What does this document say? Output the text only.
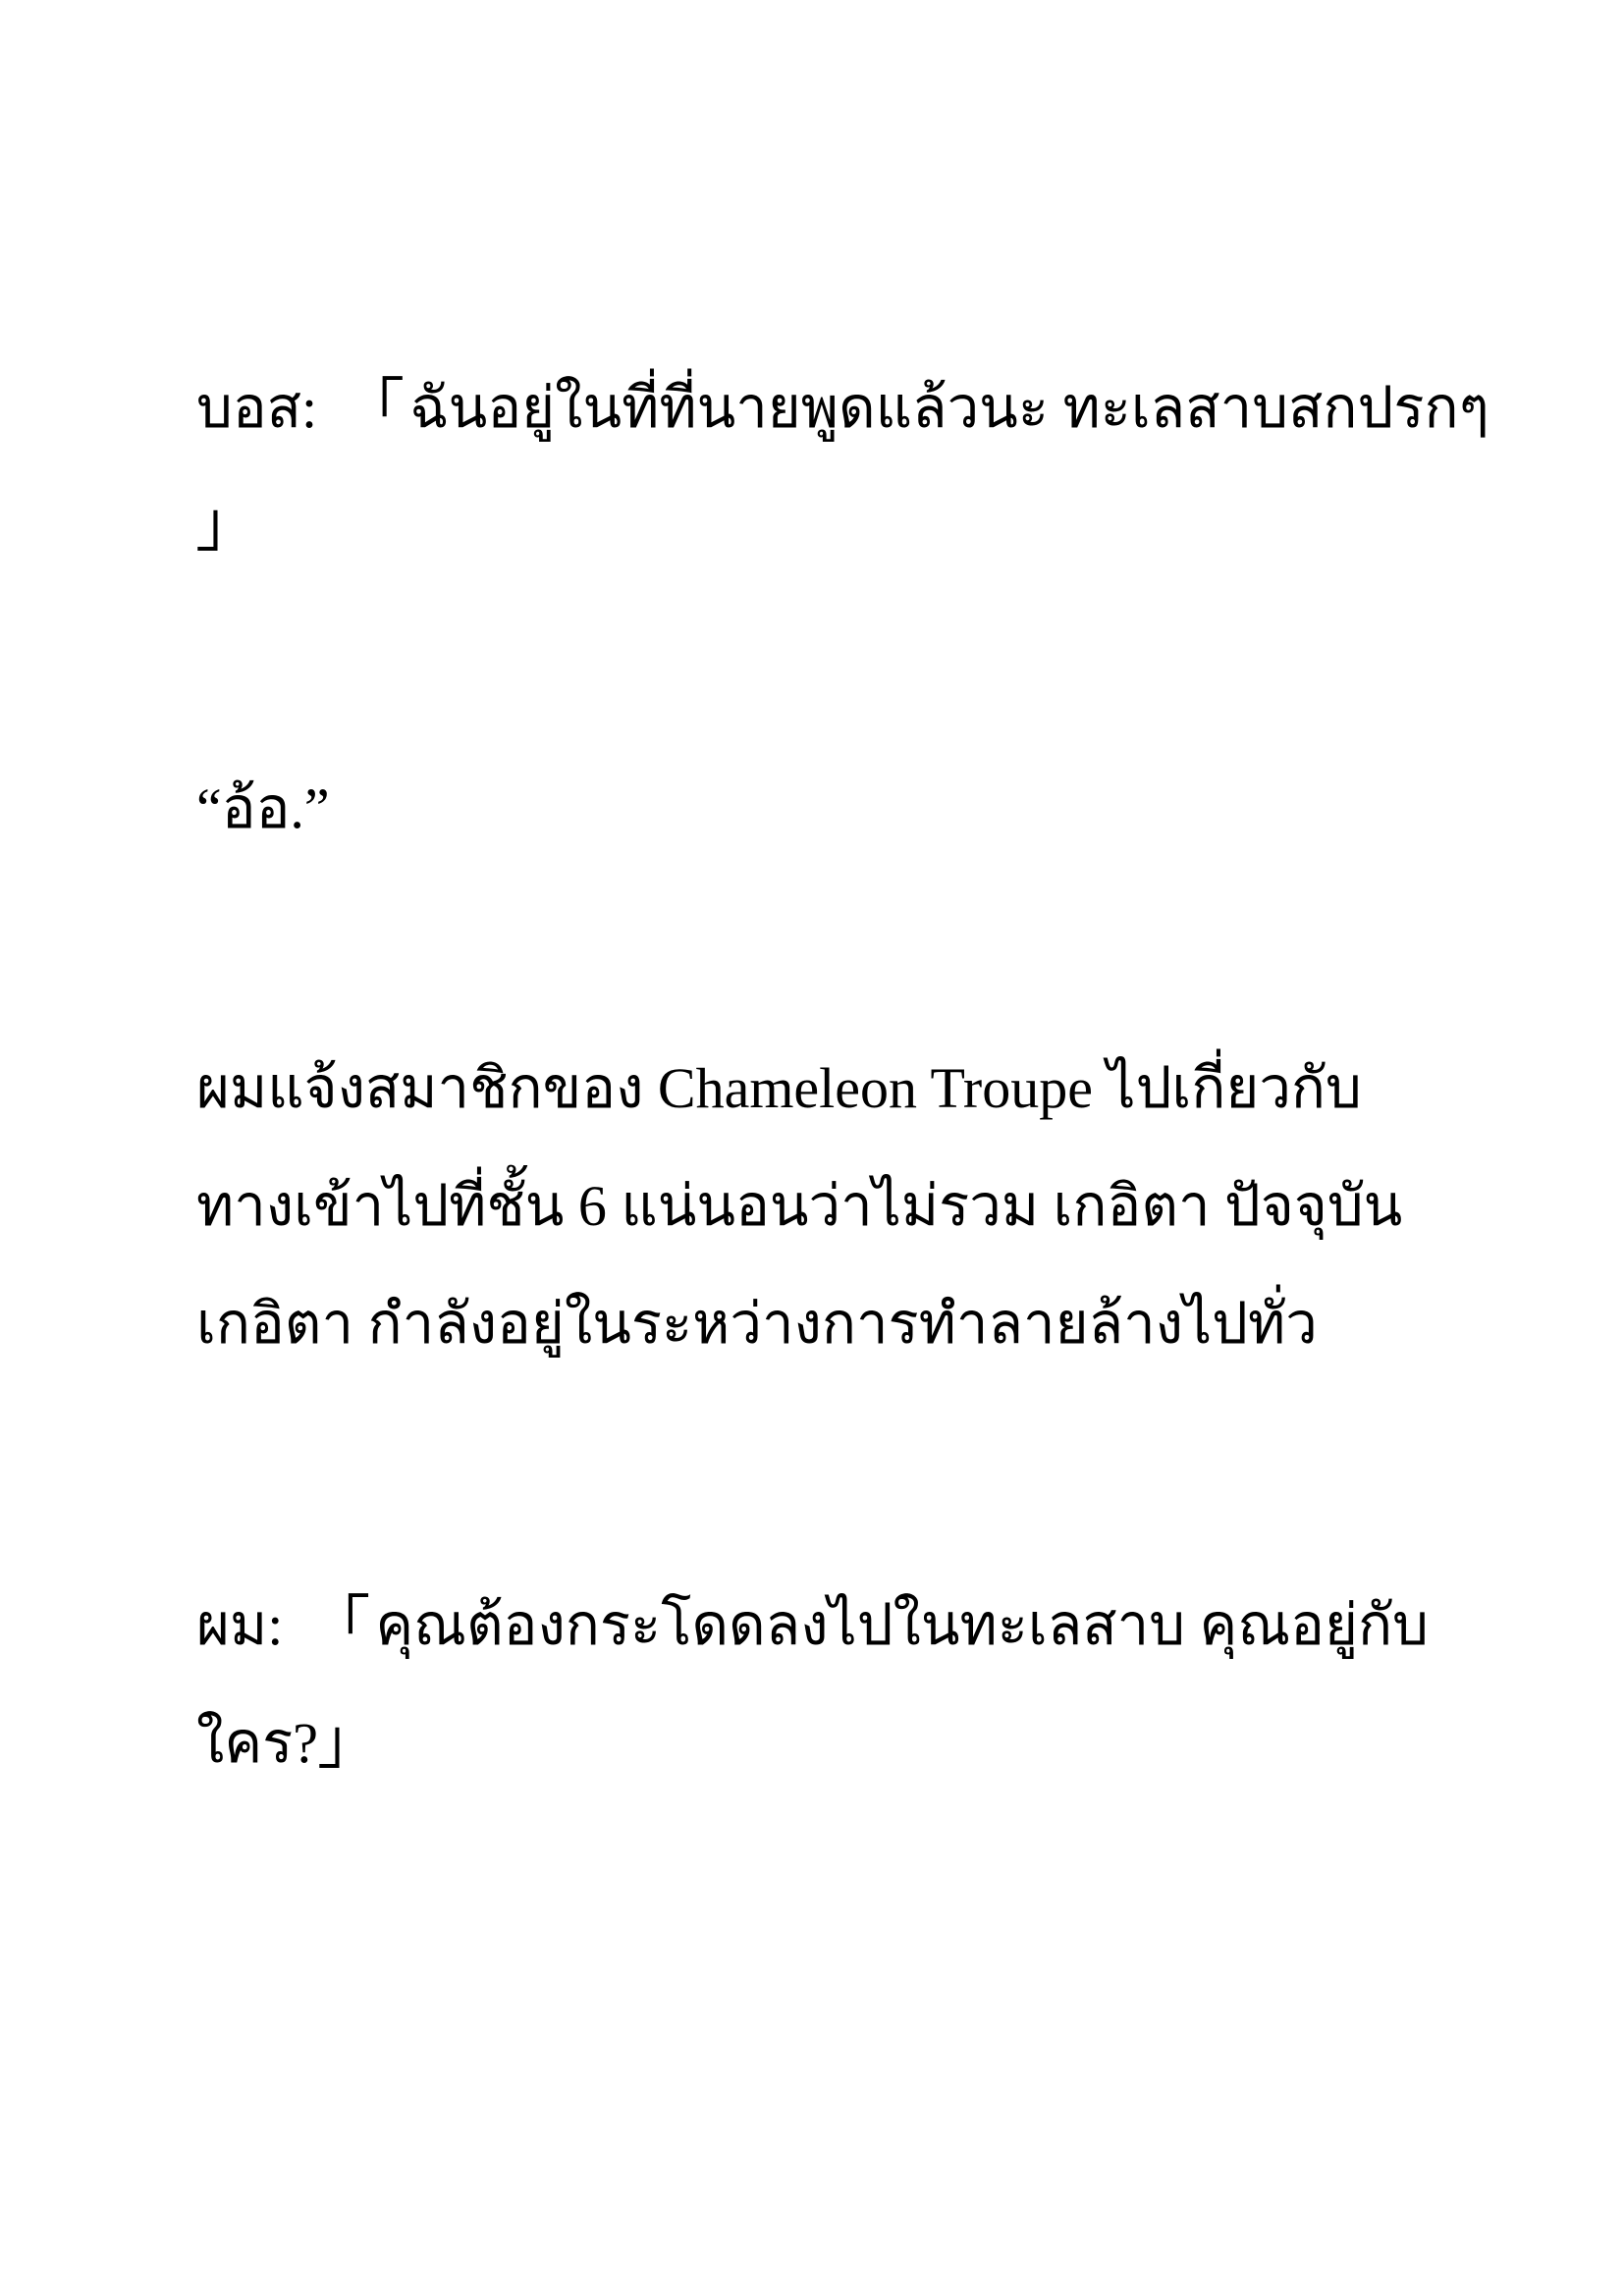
บอส: 「 ฉันอยู่ในที่ที่นายพูดแล้วนะ ทะเลสาบสกปรกๆ
」
“อ้อ.”
ผมแจ้งสมาชิกของ Chameleon Troupe ไปเกี่ยวกับ
ทางเข้าไปที่ชั้น 6 แน่นอนว่าไม่รวม เกอิตา ปัจจุบัน
เกอิตา กำลังอยู่ในระหว่างการทำลายล้างไปทั่ว
ผม: 「 คุณต้องกระโดดลงไปในทะเลสาบ คุณอยู่กับ
ใคร?」
